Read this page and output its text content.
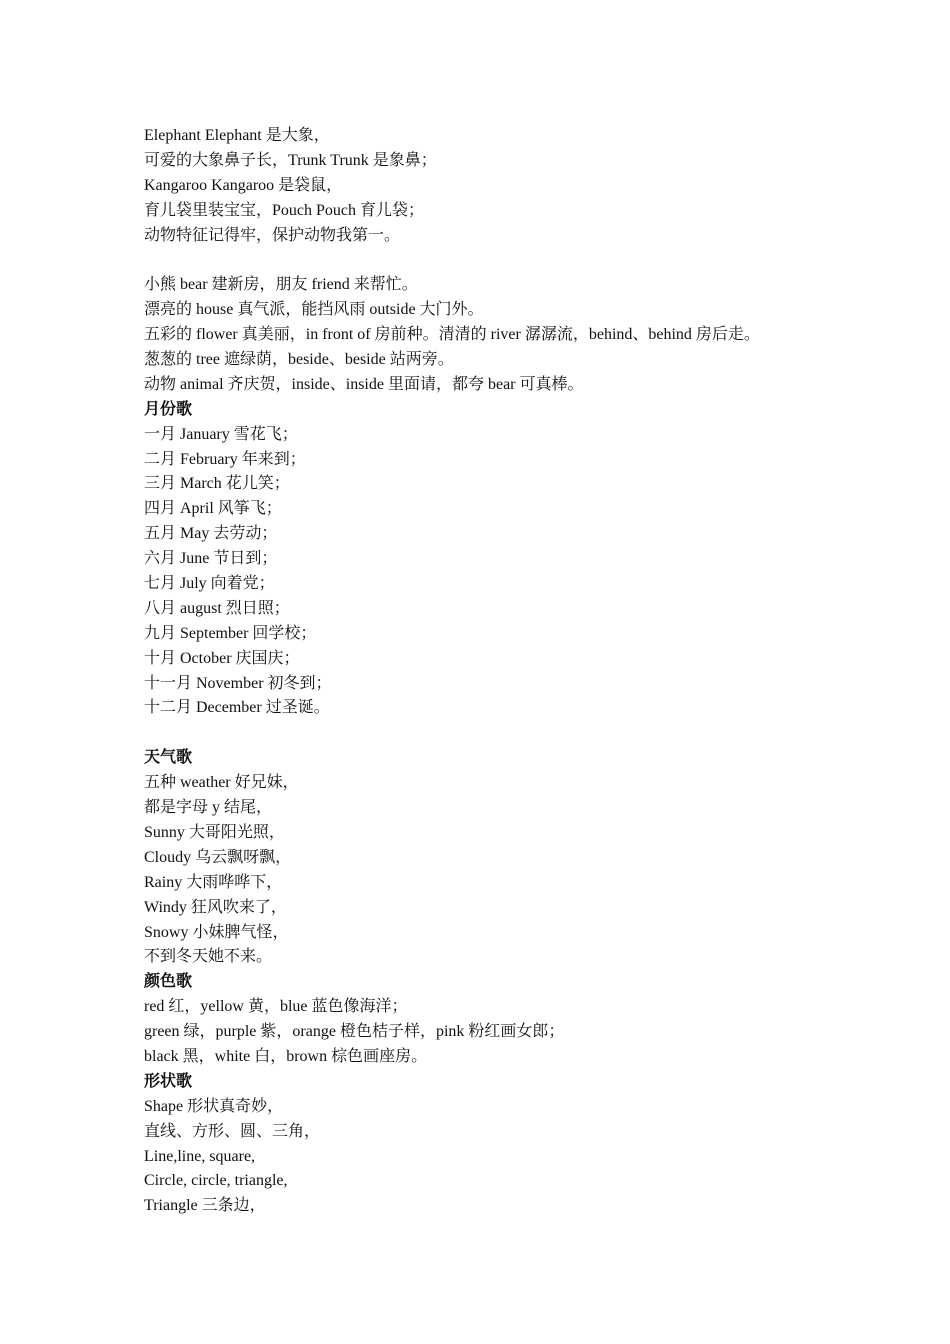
Elephant Elephant 是大象，
可爱的大象鼻子长，Trunk Trunk 是象鼻；
Kangaroo Kangaroo 是袋鼠，
育儿袋里装宝宝，Pouch Pouch 育儿袋；
动物特征记得牢，保护动物我第一。
小熊 bear 建新房，朋友 friend 来帮忙。
漂亮的 house 真气派，能挡风雨 outside 大门外。
五彩的 flower 真美丽，in front of 房前种。清清的 river 潺潺流，behind、behind 房后走。
葱葱的 tree 遮绿荫，beside、beside 站两旁。
动物 animal 齐庆贺，inside、inside 里面请，都夸 bear 可真棒。
月份歌
一月 January 雪花飞；
二月 February 年来到；
三月 March 花儿笑；
四月 April 风筝飞；
五月 May 去劳动；
六月 June 节日到；
七月 July 向着党；
八月 august 烈日照；
九月 September 回学校；
十月 October 庆国庆；
十一月 November 初冬到；
十二月 December 过圣诞。
天气歌
五种 weather 好兄妹，
都是字母 y 结尾，
Sunny 大哥阳光照，
Cloudy 乌云飘呀飘，
Rainy 大雨哗哗下，
Windy 狂风吹来了，
Snowy 小妹脾气怪，
不到冬天她不来。
颜色歌
red 红，yellow 黄，blue 蓝色像海洋；
green 绿，purple 紫，orange 橙色桔子样，pink 粉红画女郎；
black 黑，white 白，brown 棕色画座房。
形状歌
Shape 形状真奇妙，
直线、方形、圆、三角，
Line,line, square,
Circle, circle, triangle,
Triangle 三条边，
